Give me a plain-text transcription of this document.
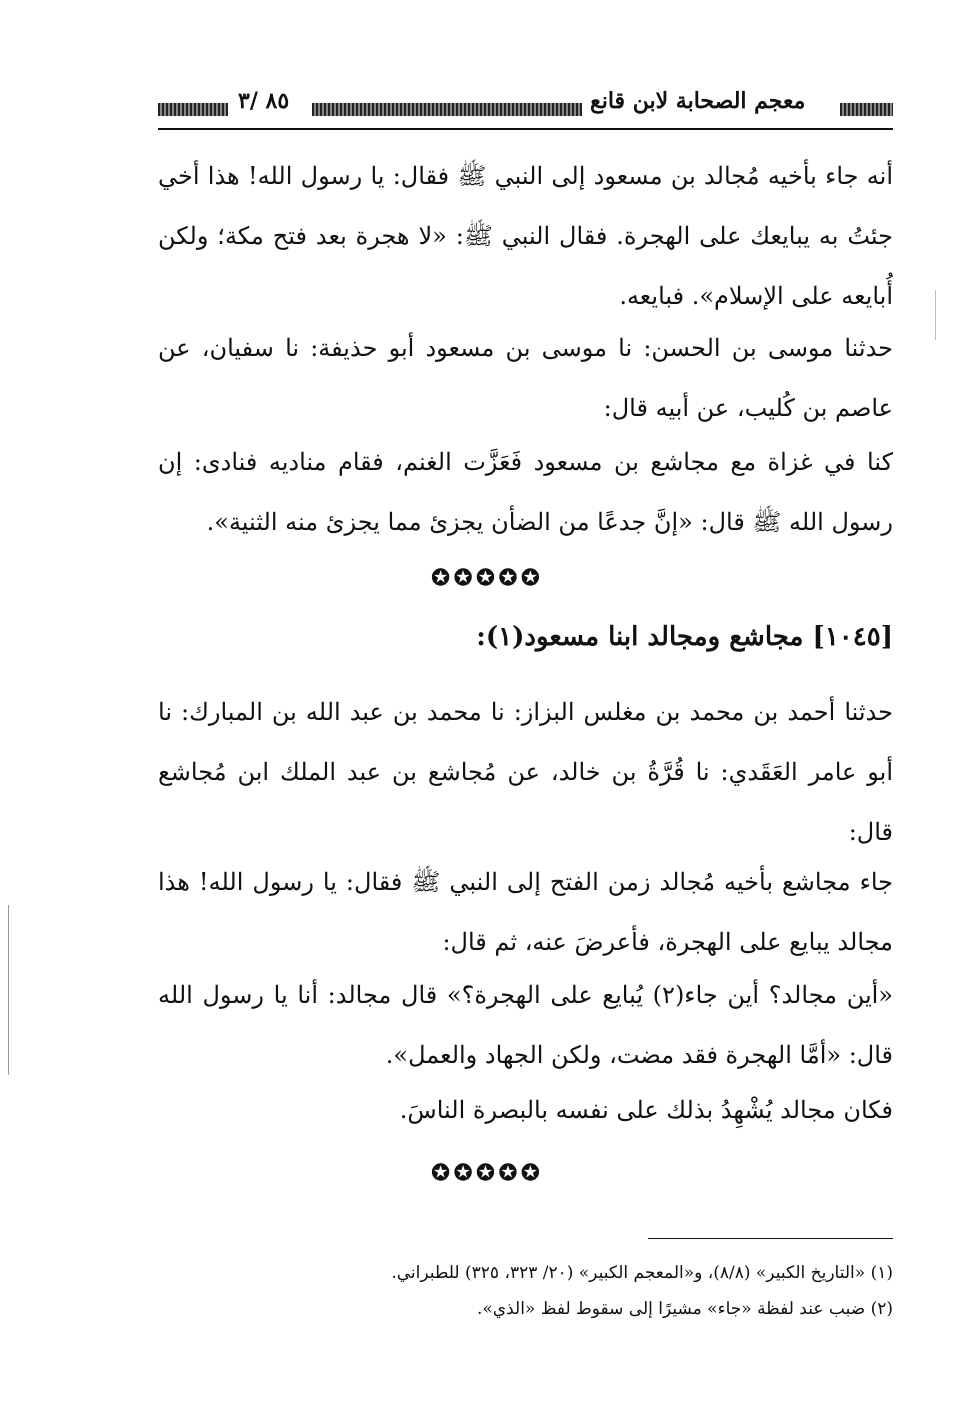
٨٥ /٣	معجم الصحابة لابن قانع
أنه جاء بأخيه مُجالد بن مسعود إلى النبي ﷺ فقال: يا رسول الله! هذا أخي جئتُ به يبايعك على الهجرة. فقال النبي ﷺ: «لا هجرة بعد فتح مكة؛ ولكن أُبايعه على الإسلام». فبايعه.
حدثنا موسى بن الحسن: نا موسى بن مسعود أبو حذيفة: نا سفيان، عن عاصم بن كُليب، عن أبيه قال:
كنا في غزاة مع مجاشع بن مسعود فَعَزَّت الغنم، فقام مناديه فنادى: إن رسول الله ﷺ قال: «إنَّ جدعًا من الضأن يجزئ مما يجزئ منه الثنية».
✪✪✪✪✪
[١٠٤٥] مجاشع ومجالد ابنا مسعود(١):
حدثنا أحمد بن محمد بن مغلس البزاز: نا محمد بن عبد الله بن المبارك: نا أبو عامر العَقَدي: نا قُرَّةُ بن خالد، عن مُجاشع بن عبد الملك ابن مُجاشع قال:
جاء مجاشع بأخيه مُجالد زمن الفتح إلى النبي ﷺ فقال: يا رسول الله! هذا مجالد يبايع على الهجرة، فأعرضَ عنه، ثم قال:
«أين مجالد؟ أين جاء(٢) يُبايع على الهجرة؟َ» قال مجالد: أنا يا رسول الله قال: «أمَّا الهجرة فقد مضت، ولكن الجهاد والعمل».
فكان مجالد يُشْهِدُ بذلك على نفسه بالبصرة الناسَ.
✪✪✪✪✪
(١) «التاريخ الكبير» (٨/٨)، و«المعجم الكبير» (٢٠/ ٣٢٣، ٣٢٥) للطبراني.
(٢) ضبب عند لفظة «جاء» مشيرًا إلى سقوط لفظ «الذي».
